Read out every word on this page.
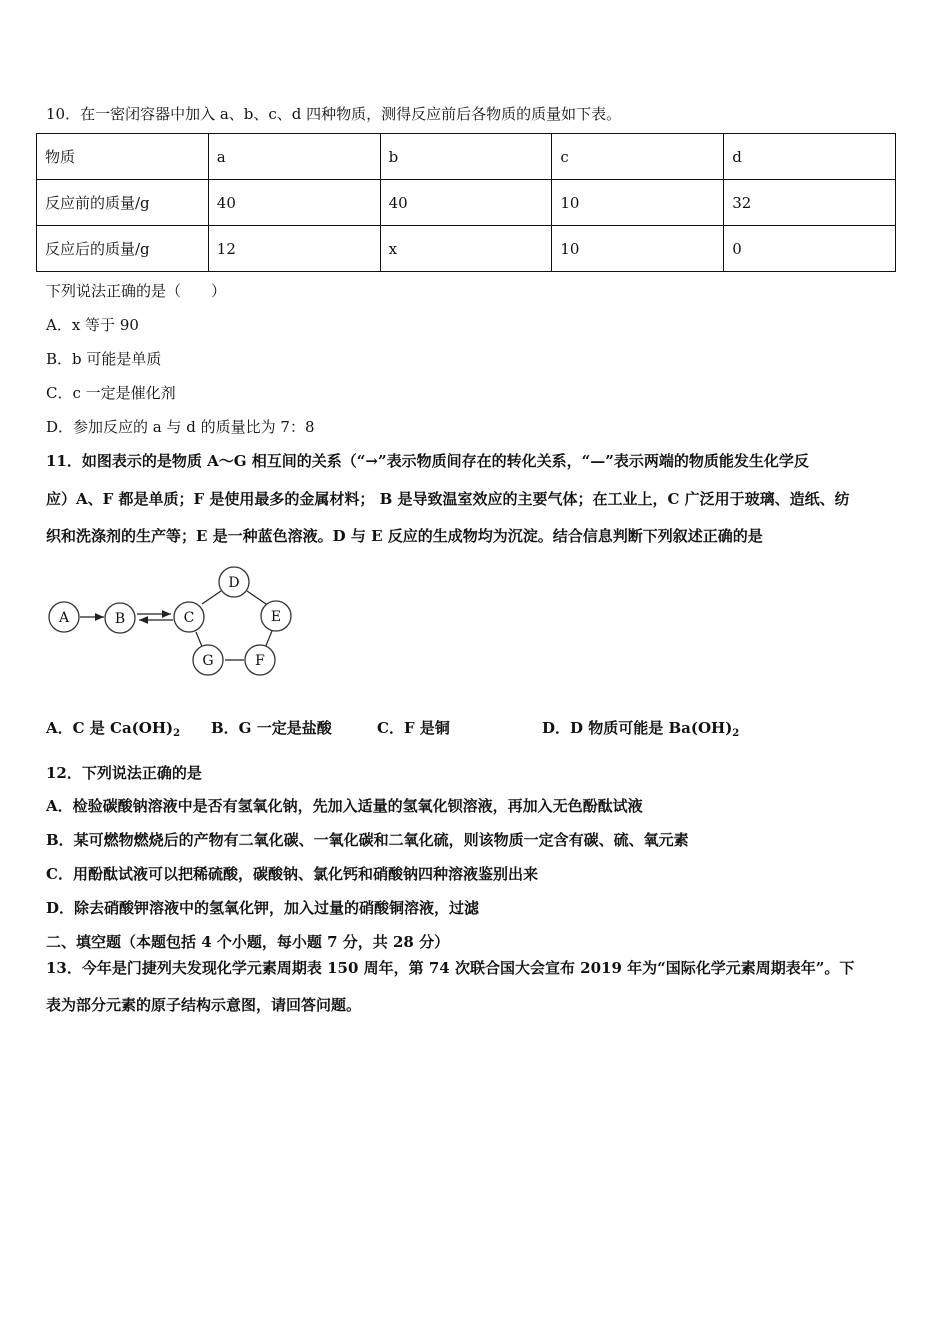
10．在一密闭容器中加入 a、b、c、d 四种物质，测得反应前后各物质的质量如下表。
物质	a	b	c	d
反应前的质量/g	40	40	10	32
反应后的质量/g	12	x	10	0
下列说法正确的是（　　）
A．x 等于 90
B．b 可能是单质
C．c 一定是催化剂
D．参加反应的 a 与 d 的质量比为 7：8
11．如图表示的是物质 A～G 相互间的关系（“→”表示物质间存在的转化关系，“—”表示两端的物质能发生化学反
应）A、F 都是单质；F 是使用最多的金属材料； B 是导致温室效应的主要气体；在工业上，C 广泛用于玻璃、造纸、纺
织和洗涤剂的生产等；E 是一种蓝色溶液。D 与 E 反应的生成物均为沉淀。结合信息判断下列叙述正确的是
A	B	C
D
E
F
G
A．C 是 $Ca(OH)_2$ B．G 一定是盐酸	C．F 是铜	D．D 物质可能是 $Ba(OH)_2$
12．下列说法正确的是
A．检验碳酸钠溶液中是否有氢氧化钠，先加入适量的氢氧化钡溶液，再加入无色酚酞试液
B．某可燃物燃烧后的产物有二氧化碳、一氧化碳和二氧化硫，则该物质一定含有碳、硫、氧元素
C．用酚酞试液可以把稀硫酸，碳酸钠、氯化钙和硝酸钠四种溶液鉴别出来
D．除去硝酸钾溶液中的氢氧化钾，加入过量的硝酸铜溶液，过滤
二、填空题（本题包括 4 个小题，每小题 7 分，共 28 分）
13．今年是门捷列夫发现化学元素周期表 150 周年，第 74 次联合国大会宣布 2019 年为“国际化学元素周期表年”。下
表为部分元素的原子结构示意图，请回答问题。
